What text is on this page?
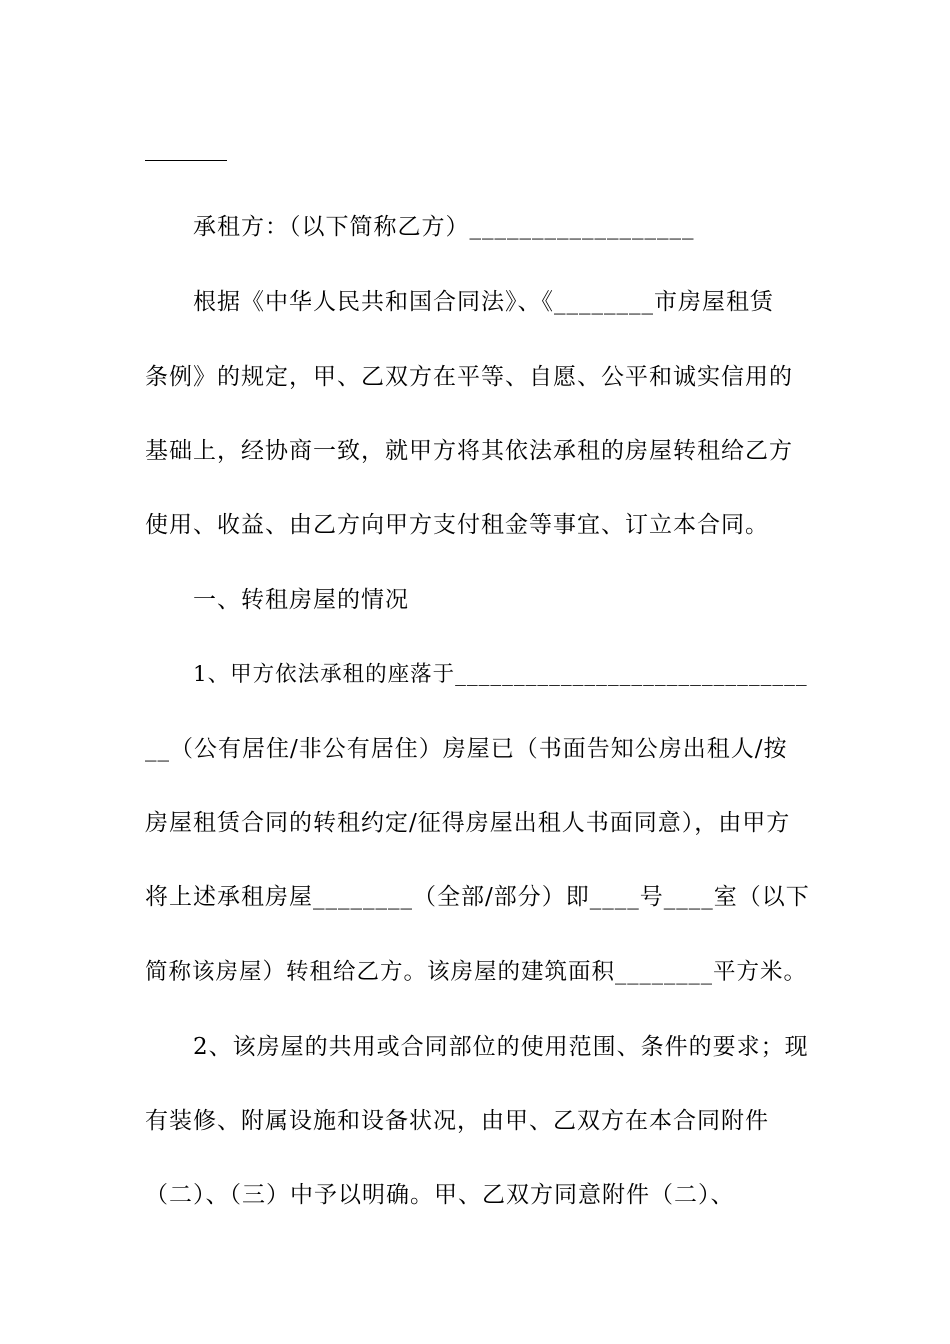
承租方：（以下简称乙方）__________________
根据《中华人民共和国合同法》、《________市房屋租赁
条例》的规定，甲、乙双方在平等、自愿、公平和诚实信用的
基础上，经协商一致，就甲方将其依法承租的房屋转租给乙方
使用、收益、由乙方向甲方支付租金等事宜、订立本合同。
一、转租房屋的情况
1、甲方依法承租的座落于______________________________
__（公有居住/非公有居住）房屋已（书面告知公房出租人/按
房屋租赁合同的转租约定/征得房屋出租人书面同意），由甲方
将上述承租房屋________（全部/部分）即____号____室（以下
简称该房屋）转租给乙方。该房屋的建筑面积________平方米。
2、该房屋的共用或合同部位的使用范围、条件的要求；现
有装修、附属设施和设备状况，由甲、乙双方在本合同附件
（二）、（三）中予以明确。甲、乙双方同意附件（二）、
